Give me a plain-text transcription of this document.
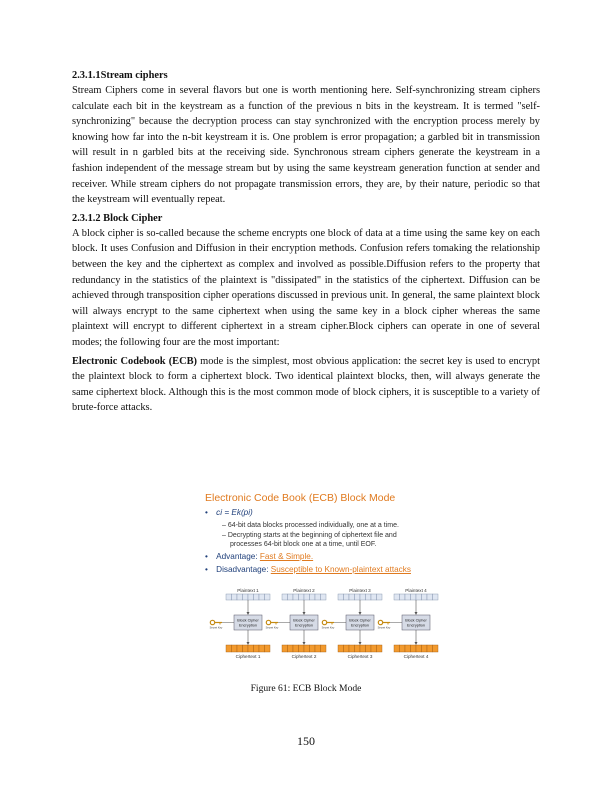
2.3.1.1Stream ciphers

Stream Ciphers come in several flavors but one is worth mentioning here. Self-synchronizing stream ciphers calculate each bit in the keystream as a function of the previous n bits in the keystream. It is termed "self-synchronizing" because the decryption process can stay synchronized with the encryption process merely by knowing how far into the n-bit keystream it is. One problem is error propagation; a garbled bit in transmission will result in n garbled bits at the receiving side. Synchronous stream ciphers generate the keystream in a fashion independent of the message stream but by using the same keystream generation function at sender and receiver. While stream ciphers do not propagate transmission errors, they are, by their nature, periodic so that the keystream will eventually repeat.

2.3.1.2 Block Cipher

A block cipher is so-called because the scheme encrypts one block of data at a time using the same key on each block. It uses Confusion and Diffusion in their encryption methods. Confusion refers tomaking the relationship between the key and the ciphertext as complex and involved as possible.Diffusion refers to the property that redundancy in the statistics of the plaintext is "dissipated" in the statistics of the ciphertext. Diffusion can be achieved through transposition cipher operations discussed in previous unit. In general, the same plaintext block will always encrypt to the same ciphertext when using the same key in a block cipher whereas the same plaintext will encrypt to different ciphertext in a stream cipher.Block ciphers can operate in one of several modes; the following four are the most important:

Electronic Codebook (ECB) mode is the simplest, most obvious application: the secret key is used to encrypt the plaintext block to form a ciphertext block. Two identical plaintext blocks, then, will always generate the same ciphertext block. Although this is the most common mode of block ciphers, it is susceptible to a variety of brute-force attacks.

Electronic Code Book (ECB) Block Mode
• ci = Ek(pi)
– 64-bit data blocks processed individually, one at a time.
– Decrypting starts at the beginning of ciphertext file and
processes 64-bit block one at a time, until EOF.
• Advantage: Fast & Simple.
• Disadvantage: Susceptible to Known-plaintext attacks
Plaintext 1
Block Cipher
Encryption
Secret Key
Ciphertext 1
Plaintext 2
Block Cipher
Encryption
Secret Key
Ciphertext 2
Plaintext 3
Block Cipher
Encryption
Secret Key
Ciphertext 3
Plaintext 4
Block Cipher
Encryption
Secret Key
Ciphertext 4
Figure 61: ECB Block Mode
150
